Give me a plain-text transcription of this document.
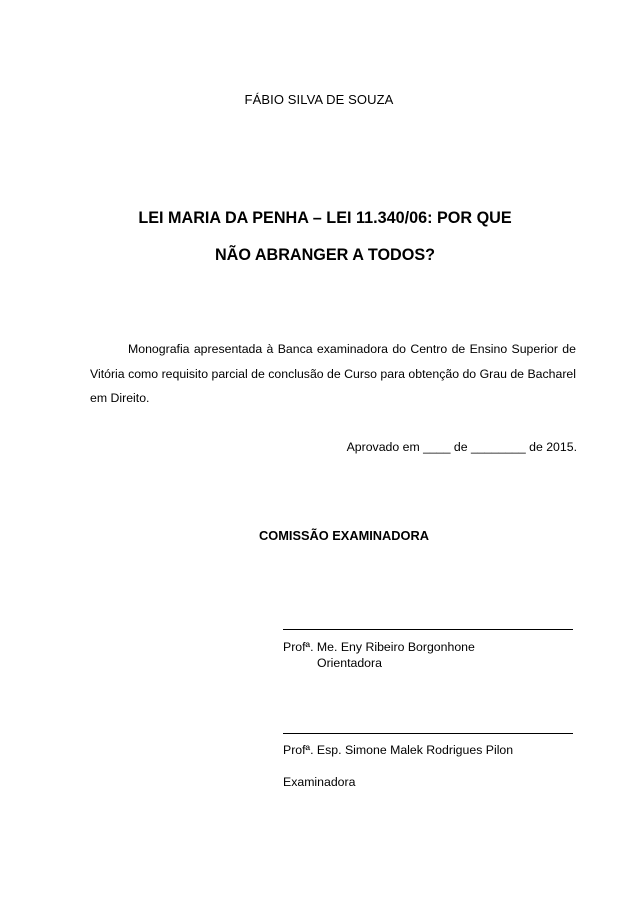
FÁBIO SILVA DE SOUZA
LEI MARIA DA PENHA – LEI 11.340/06: POR QUE
NÃO ABRANGER A TODOS?
Monografia apresentada à Banca examinadora do Centro de Ensino Superior de Vitória como requisito parcial de conclusão de Curso para obtenção do Grau de Bacharel em Direito.
Aprovado em ____ de ________ de 2015.
COMISSÃO EXAMINADORA
Profª. Me. Eny Ribeiro Borgonhone
Orientadora
Profª. Esp. Simone Malek Rodrigues Pilon
Examinadora
